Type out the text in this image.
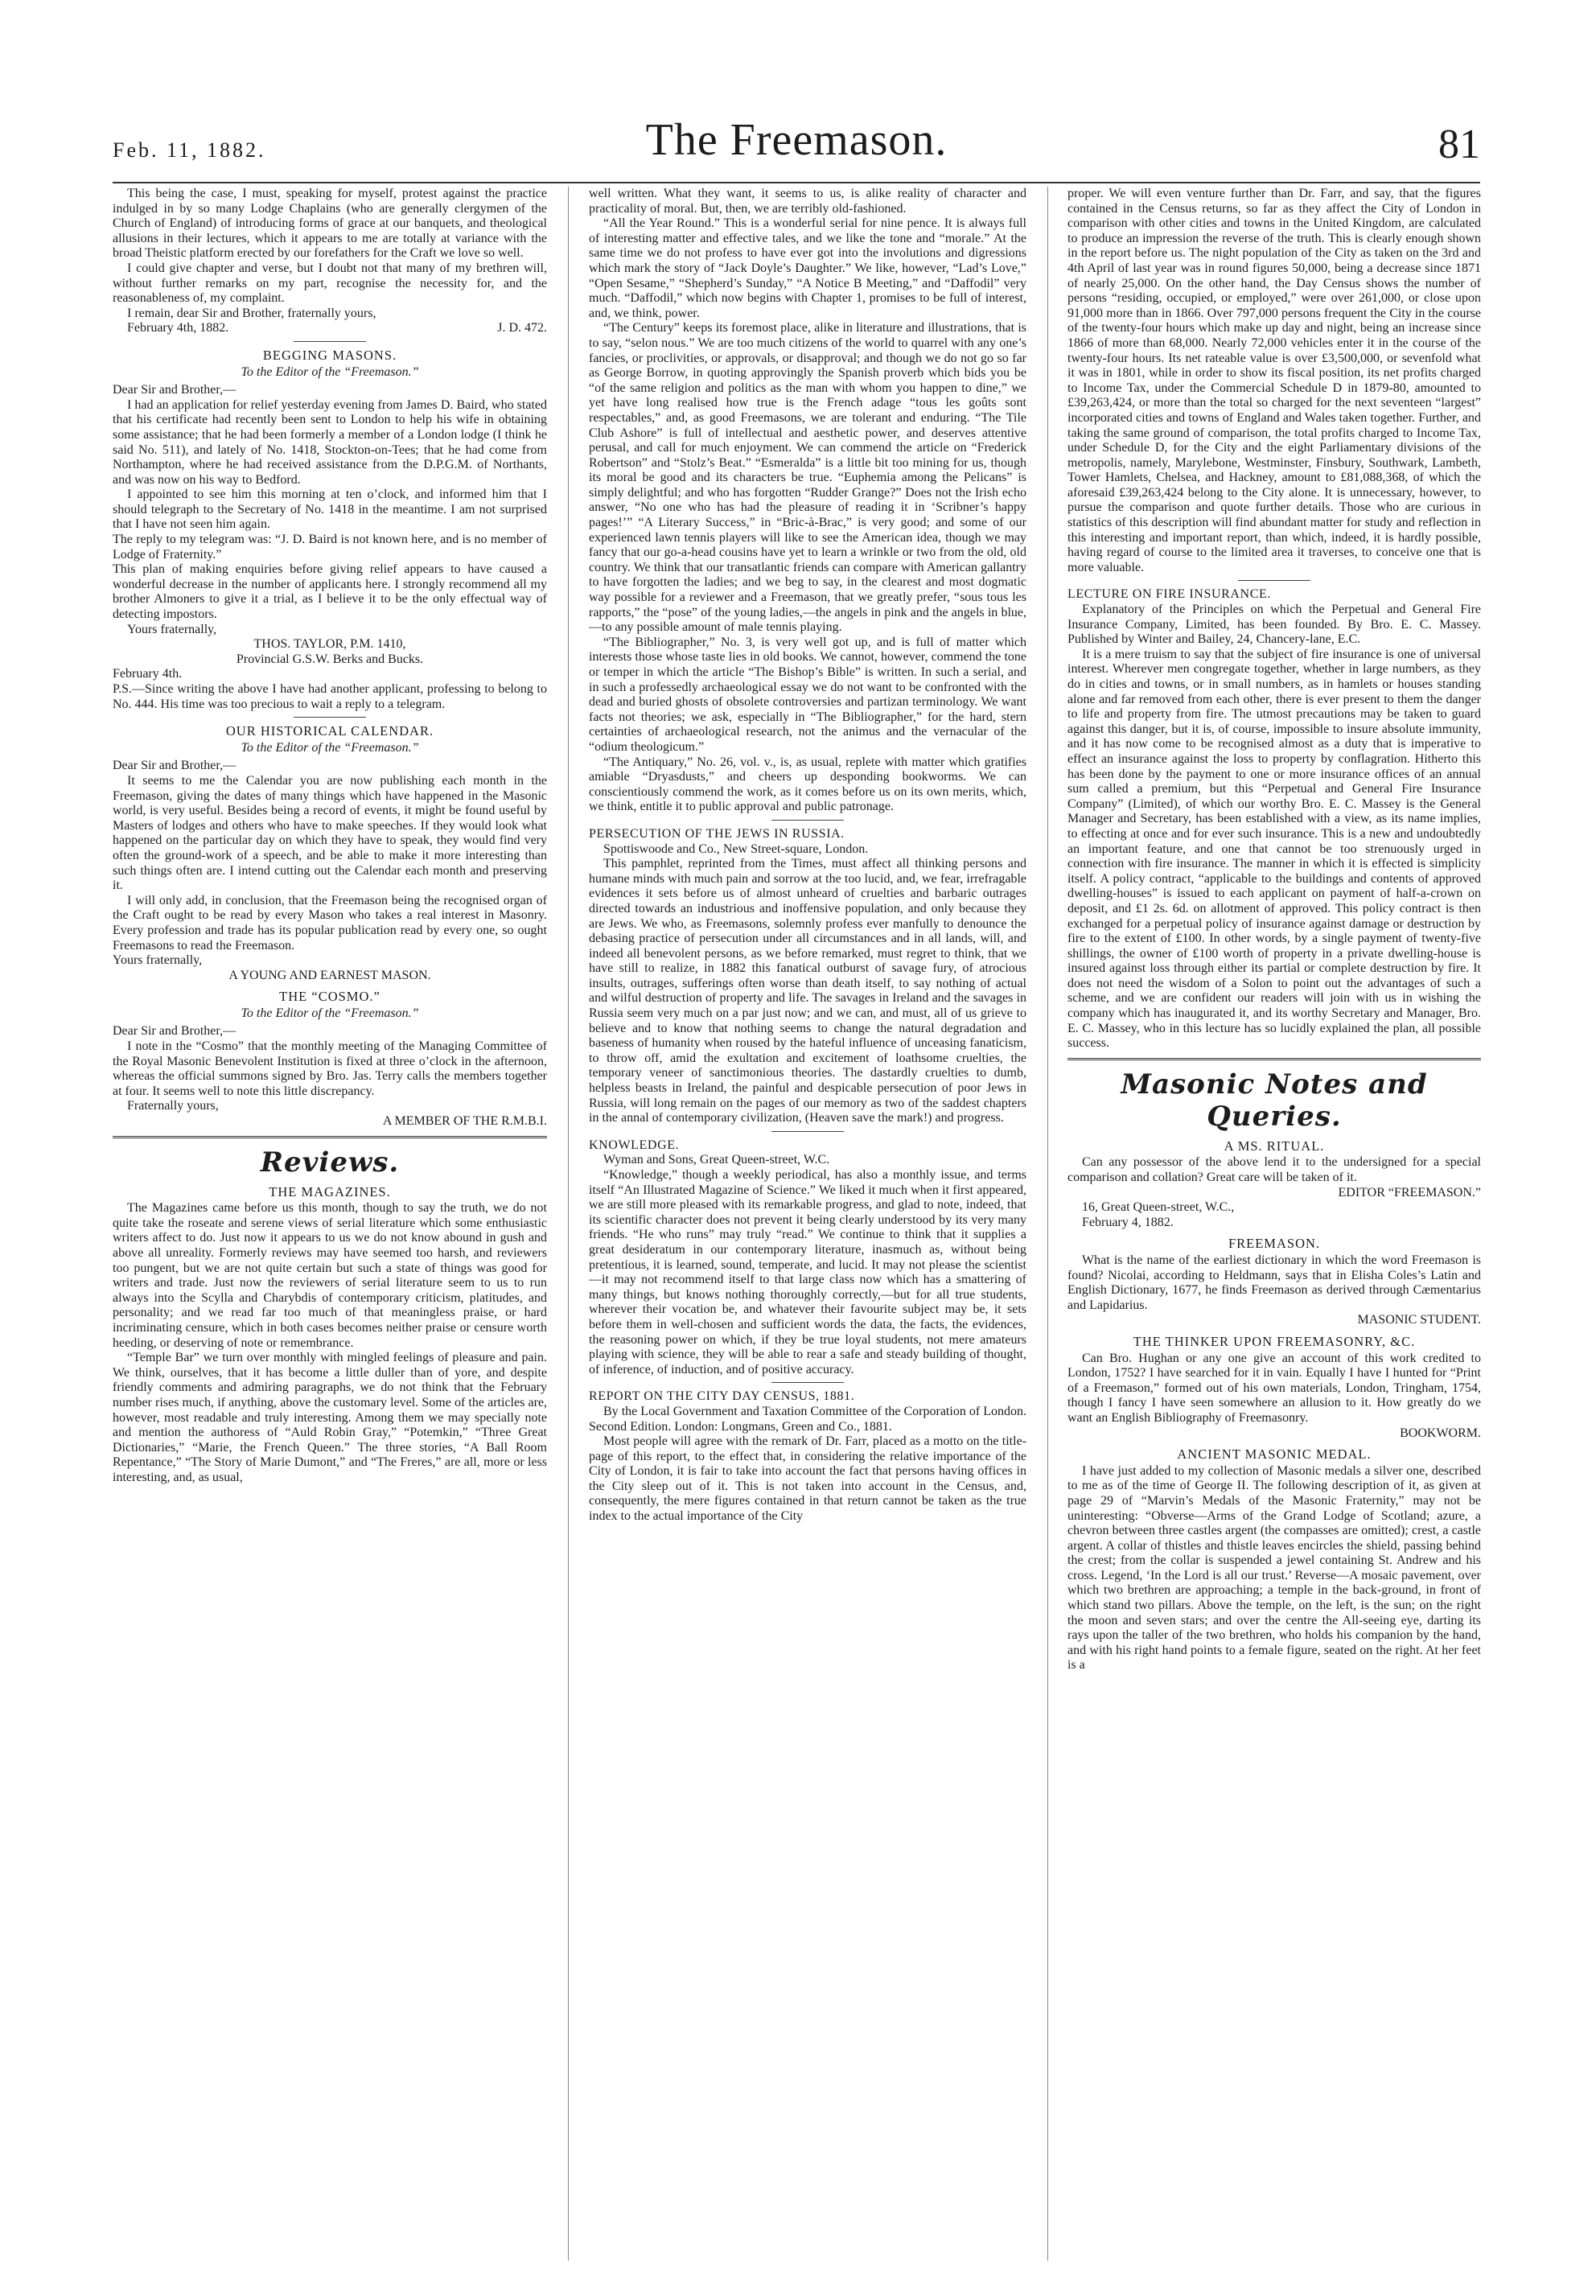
Feb. 11, 1882.	The Freemason.	81

This being the case, I must, speaking for myself, protest against the practice indulged in by so many Lodge Chaplains (who are generally clergymen of the Church of England) of introducing forms of grace at our banquets, and theological allusions in their lectures, which it appears to me are totally at variance with the broad Theistic platform erected by our forefathers for the Craft we love so well.

I could give chapter and verse, but I doubt not that many of my brethren will, without further remarks on my part, recognise the necessity for, and the reasonableness of, my complaint.

I remain, dear Sir and Brother, fraternally yours,

February 4th, 1882.	J. D. 472.

BEGGING MASONS.
To the Editor of the “Freemason.”

Dear Sir and Brother,—

I had an application for relief yesterday evening from James D. Baird, who stated that his certificate had recently been sent to London to help his wife in obtaining some assistance; that he had been formerly a member of a London lodge (I think he said No. 511), and lately of No. 1418, Stockton-on-Tees; that he had come from Northampton, where he had received assistance from the D.P.G.M. of Northants, and was now on his way to Bedford.

I appointed to see him this morning at ten o’clock, and informed him that I should telegraph to the Secretary of No. 1418 in the meantime. I am not surprised that I have not seen him again.

The reply to my telegram was: “J. D. Baird is not known here, and is no member of Lodge of Fraternity.”

This plan of making enquiries before giving relief appears to have caused a wonderful decrease in the number of applicants here. I strongly recommend all my brother Almoners to give it a trial, as I believe it to be the only effectual way of detecting impostors.

Yours fraternally,

THOS. TAYLOR, P.M. 1410,

Provincial G.S.W. Berks and Bucks.

February 4th.

P.S.—Since writing the above I have had another applicant, professing to belong to No. 444. His time was too precious to wait a reply to a telegram.

OUR HISTORICAL CALENDAR.
To the Editor of the “Freemason.”

Dear Sir and Brother,—

It seems to me the Calendar you are now publishing each month in the Freemason, giving the dates of many things which have happened in the Masonic world, is very useful. Besides being a record of events, it might be found useful by Masters of lodges and others who have to make speeches. If they would look what happened on the particular day on which they have to speak, they would find very often the ground-work of a speech, and be able to make it more interesting than such things often are. I intend cutting out the Calendar each month and preserving it.

I will only add, in conclusion, that the Freemason being the recognised organ of the Craft ought to be read by every Mason who takes a real interest in Masonry. Every profession and trade has its popular publication read by every one, so ought Freemasons to read the Freemason.

Yours fraternally,

A YOUNG AND EARNEST MASON.

THE “COSMO.”
To the Editor of the “Freemason.”

Dear Sir and Brother,—

I note in the “Cosmo” that the monthly meeting of the Managing Committee of the Royal Masonic Benevolent Institution is fixed at three o’clock in the afternoon, whereas the official summons signed by Bro. Jas. Terry calls the members together at four. It seems well to note this little discrepancy.

Fraternally yours,

A MEMBER OF THE R.M.B.I.

Reviews.
THE MAGAZINES.

The Magazines came before us this month, though to say the truth, we do not quite take the roseate and serene views of serial literature which some enthusiastic writers affect to do. Just now it appears to us we do not know abound in gush and above all unreality. Formerly reviews may have seemed too harsh, and reviewers too pungent, but we are not quite certain but such a state of things was good for writers and trade. Just now the reviewers of serial literature seem to us to run always into the Scylla and Charybdis of contemporary criticism, platitudes, and personality; and we read far too much of that meaningless praise, or hard incriminating censure, which in both cases becomes neither praise or censure worth heeding, or deserving of note or remembrance.

“Temple Bar” we turn over monthly with mingled feelings of pleasure and pain. We think, ourselves, that it has become a little duller than of yore, and despite friendly comments and admiring paragraphs, we do not think that the February number rises much, if anything, above the customary level. Some of the articles are, however, most readable and truly interesting. Among them we may specially note and mention the authoress of “Auld Robin Gray,” “Potemkin,” “Three Great Dictionaries,” “Marie, the French Queen.” The three stories, “A Ball Room Repentance,” “The Story of Marie Dumont,” and “The Freres,” are all, more or less interesting, and, as usual,

well written. What they want, it seems to us, is alike reality of character and practicality of moral. But, then, we are terribly old-fashioned.

“All the Year Round.” This is a wonderful serial for nine pence. It is always full of interesting matter and effective tales, and we like the tone and “morale.” At the same time we do not profess to have ever got into the involutions and digressions which mark the story of “Jack Doyle’s Daughter.” We like, however, “Lad’s Love,” “Open Sesame,” “Shepherd’s Sunday,” “A Notice B Meeting,” and “Daffodil” very much. “Daffodil,” which now begins with Chapter 1, promises to be full of interest, and, we think, power.

“The Century” keeps its foremost place, alike in literature and illustrations, that is to say, “selon nous.” We are too much citizens of the world to quarrel with any one’s fancies, or proclivities, or approvals, or disapproval; and though we do not go so far as George Borrow, in quoting approvingly the Spanish proverb which bids you be “of the same religion and politics as the man with whom you happen to dine,” we yet have long realised how true is the French adage “tous les goûts sont respectables,” and, as good Freemasons, we are tolerant and enduring. “The Tile Club Ashore” is full of intellectual and aesthetic power, and deserves attentive perusal, and call for much enjoyment. We can commend the article on “Frederick Robertson” and “Stolz’s Beat.” “Esmeralda” is a little bit too mining for us, though its moral be good and its characters be true. “Euphemia among the Pelicans” is simply delightful; and who has forgotten “Rudder Grange?” Does not the Irish echo answer, “No one who has had the pleasure of reading it in ‘Scribner’s happy pages!’” “A Literary Success,” in “Bric-à-Brac,” is very good; and some of our experienced lawn tennis players will like to see the American idea, though we may fancy that our go-a-head cousins have yet to learn a wrinkle or two from the old, old country. We think that our transatlantic friends can compare with American gallantry to have forgotten the ladies; and we beg to say, in the clearest and most dogmatic way possible for a reviewer and a Freemason, that we greatly prefer, “sous tous les rapports,” the “pose” of the young ladies,—the angels in pink and the angels in blue,—to any possible amount of male tennis playing.

“The Bibliographer,” No. 3, is very well got up, and is full of matter which interests those whose taste lies in old books. We cannot, however, commend the tone or temper in which the article “The Bishop’s Bible” is written. In such a serial, and in such a professedly archaeological essay we do not want to be confronted with the dead and buried ghosts of obsolete controversies and partizan terminology. We want facts not theories; we ask, especially in “The Bibliographer,” for the hard, stern certainties of archaeological research, not the animus and the vernacular of the “odium theologicum.”

“The Antiquary,” No. 26, vol. v., is, as usual, replete with matter which gratifies amiable “Dryasdusts,” and cheers up desponding bookworms. We can conscientiously commend the work, as it comes before us on its own merits, which, we think, entitle it to public approval and public patronage.

PERSECUTION OF THE JEWS IN RUSSIA.

Spottiswoode and Co., New Street-square, London.

This pamphlet, reprinted from the Times, must affect all thinking persons and humane minds with much pain and sorrow at the too lucid, and, we fear, irrefragable evidences it sets before us of almost unheard of cruelties and barbaric outrages directed towards an industrious and inoffensive population, and only because they are Jews. We who, as Freemasons, solemnly profess ever manfully to denounce the debasing practice of persecution under all circumstances and in all lands, will, and indeed all benevolent persons, as we before remarked, must regret to think, that we have still to realize, in 1882 this fanatical outburst of savage fury, of atrocious insults, outrages, sufferings often worse than death itself, to say nothing of actual and wilful destruction of property and life. The savages in Ireland and the savages in Russia seem very much on a par just now; and we can, and must, all of us grieve to believe and to know that nothing seems to change the natural degradation and baseness of humanity when roused by the hateful influence of unceasing fanaticism, to throw off, amid the exultation and excitement of loathsome cruelties, the temporary veneer of sanctimonious theories. The dastardly cruelties to dumb, helpless beasts in Ireland, the painful and despicable persecution of poor Jews in Russia, will long remain on the pages of our memory as two of the saddest chapters in the annal of contemporary civilization, (Heaven save the mark!) and progress.

KNOWLEDGE.

Wyman and Sons, Great Queen-street, W.C.

“Knowledge,” though a weekly periodical, has also a monthly issue, and terms itself “An Illustrated Magazine of Science.” We liked it much when it first appeared, we are still more pleased with its remarkable progress, and glad to note, indeed, that its scientific character does not prevent it being clearly understood by its very many friends. “He who runs” may truly “read.” We continue to think that it supplies a great desideratum in our contemporary literature, inasmuch as, without being pretentious, it is learned, sound, temperate, and lucid. It may not please the scientist—it may not recommend itself to that large class now which has a smattering of many things, but knows nothing thoroughly correctly,—but for all true students, wherever their vocation be, and whatever their favourite subject may be, it sets before them in well-chosen and sufficient words the data, the facts, the evidences, the reasoning power on which, if they be true loyal students, not mere amateurs playing with science, they will be able to rear a safe and steady building of thought, of inference, of induction, and of positive accuracy.

REPORT ON THE CITY DAY CENSUS, 1881.

By the Local Government and Taxation Committee of the Corporation of London. Second Edition. London: Longmans, Green and Co., 1881.

Most people will agree with the remark of Dr. Farr, placed as a motto on the title-page of this report, to the effect that, in considering the relative importance of the City of London, it is fair to take into account the fact that persons having offices in the City sleep out of it. This is not taken into account in the Census, and, consequently, the mere figures contained in that return cannot be taken as the true index to the actual importance of the City

proper. We will even venture further than Dr. Farr, and say, that the figures contained in the Census returns, so far as they affect the City of London in comparison with other cities and towns in the United Kingdom, are calculated to produce an impression the reverse of the truth. This is clearly enough shown in the report before us. The night population of the City as taken on the 3rd and 4th April of last year was in round figures 50,000, being a decrease since 1871 of nearly 25,000. On the other hand, the Day Census shows the number of persons “residing, occupied, or employed,” were over 261,000, or close upon 91,000 more than in 1866. Over 797,000 persons frequent the City in the course of the twenty-four hours which make up day and night, being an increase since 1866 of more than 68,000. Nearly 72,000 vehicles enter it in the course of the twenty-four hours. Its net rateable value is over £3,500,000, or sevenfold what it was in 1801, while in order to show its fiscal position, its net profits charged to Income Tax, under the Commercial Schedule D in 1879-80, amounted to £39,263,424, or more than the total so charged for the next seventeen “largest” incorporated cities and towns of England and Wales taken together. Further, and taking the same ground of comparison, the total profits charged to Income Tax, under Schedule D, for the City and the eight Parliamentary divisions of the metropolis, namely, Marylebone, Westminster, Finsbury, Southwark, Lambeth, Tower Hamlets, Chelsea, and Hackney, amount to £81,088,368, of which the aforesaid £39,263,424 belong to the City alone. It is unnecessary, however, to pursue the comparison and quote further details. Those who are curious in statistics of this description will find abundant matter for study and reflection in this interesting and important report, than which, indeed, it is hardly possible, having regard of course to the limited area it traverses, to conceive one that is more valuable.

LECTURE ON FIRE INSURANCE.

Explanatory of the Principles on which the Perpetual and General Fire Insurance Company, Limited, has been founded. By Bro. E. C. Massey. Published by Winter and Bailey, 24, Chancery-lane, E.C.

It is a mere truism to say that the subject of fire insurance is one of universal interest. Wherever men congregate together, whether in large numbers, as they do in cities and towns, or in small numbers, as in hamlets or houses standing alone and far removed from each other, there is ever present to them the danger to life and property from fire. The utmost precautions may be taken to guard against this danger, but it is, of course, impossible to insure absolute immunity, and it has now come to be recognised almost as a duty that is imperative to effect an insurance against the loss to property by conflagration. Hitherto this has been done by the payment to one or more insurance offices of an annual sum called a premium, but this “Perpetual and General Fire Insurance Company” (Limited), of which our worthy Bro. E. C. Massey is the General Manager and Secretary, has been established with a view, as its name implies, to effecting at once and for ever such insurance. This is a new and undoubtedly an important feature, and one that cannot be too strenuously urged in connection with fire insurance. The manner in which it is effected is simplicity itself. A policy contract, “applicable to the buildings and contents of approved dwelling-houses” is issued to each applicant on payment of half-a-crown on deposit, and £1 2s. 6d. on allotment of approved. This policy contract is then exchanged for a perpetual policy of insurance against damage or destruction by fire to the extent of £100. In other words, by a single payment of twenty-five shillings, the owner of £100 worth of property in a private dwelling-house is insured against loss through either its partial or complete destruction by fire. It does not need the wisdom of a Solon to point out the advantages of such a scheme, and we are confident our readers will join with us in wishing the company which has inaugurated it, and its worthy Secretary and Manager, Bro. E. C. Massey, who in this lecture has so lucidly explained the plan, all possible success.

Masonic Notes and Queries.
A MS. RITUAL.

Can any possessor of the above lend it to the undersigned for a special comparison and collation? Great care will be taken of it.

EDITOR “FREEMASON.”

16, Great Queen-street, W.C.,

February 4, 1882.

FREEMASON.

What is the name of the earliest dictionary in which the word Freemason is found? Nicolai, according to Heldmann, says that in Elisha Coles’s Latin and English Dictionary, 1677, he finds Freemason as derived through Cæmentarius and Lapidarius.

MASONIC STUDENT.

THE THINKER UPON FREEMASONRY, &C.

Can Bro. Hughan or any one give an account of this work credited to London, 1752? I have searched for it in vain. Equally I have I hunted for “Print of a Freemason,” formed out of his own materials, London, Tringham, 1754, though I fancy I have seen somewhere an allusion to it. How greatly do we want an English Bibliography of Freemasonry.

BOOKWORM.

ANCIENT MASONIC MEDAL.

I have just added to my collection of Masonic medals a silver one, described to me as of the time of George II. The following description of it, as given at page 29 of “Marvin’s Medals of the Masonic Fraternity,” may not be uninteresting: “Obverse—Arms of the Grand Lodge of Scotland; azure, a chevron between three castles argent (the compasses are omitted); crest, a castle argent. A collar of thistles and thistle leaves encircles the shield, passing behind the crest; from the collar is suspended a jewel containing St. Andrew and his cross. Legend, ‘In the Lord is all our trust.’ Reverse—A mosaic pavement, over which two brethren are approaching; a temple in the back-ground, in front of which stand two pillars. Above the temple, on the left, is the sun; on the right the moon and seven stars; and over the centre the All-seeing eye, darting its rays upon the taller of the two brethren, who holds his companion by the hand, and with his right hand points to a female figure, seated on the right. At her feet is a
